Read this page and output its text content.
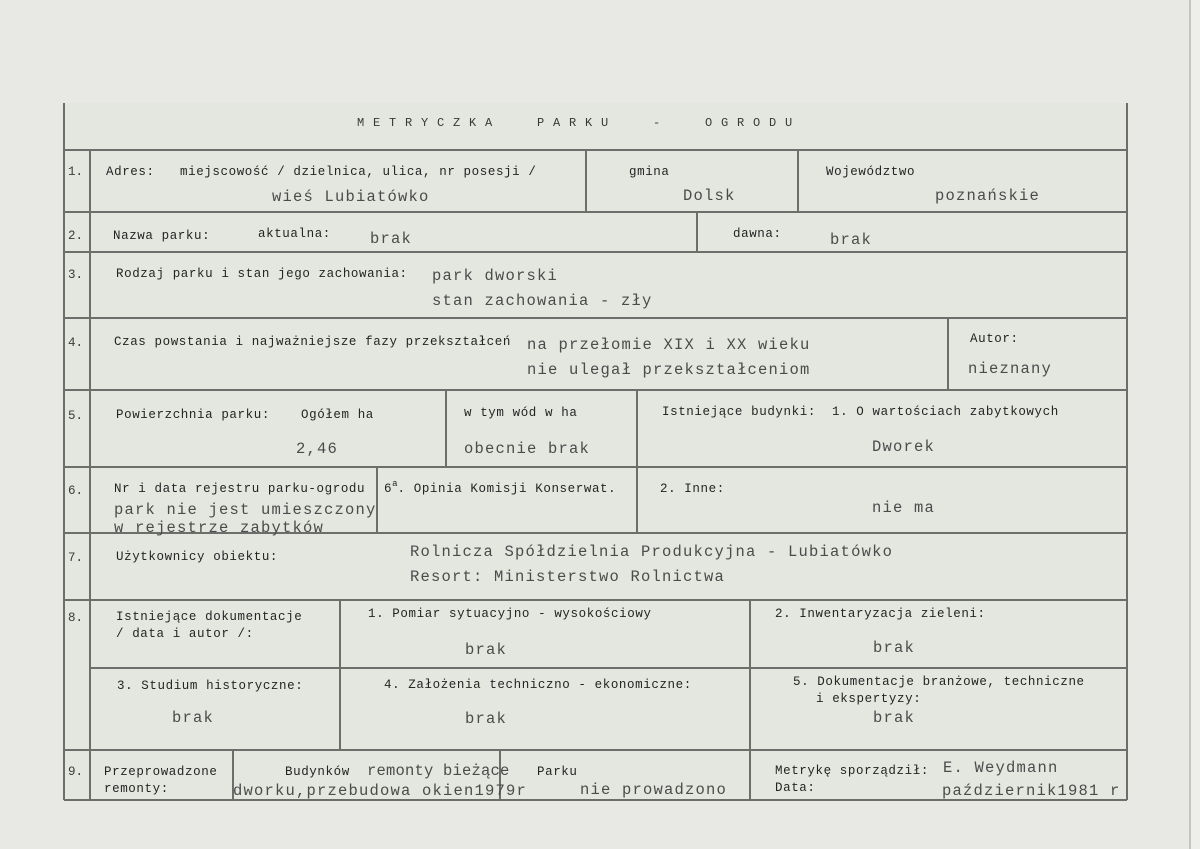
METRYCZKA PARKU - OGRODU
1. Adres: miejscowość / dzielnica, ulica, nr posesji /
wieś Lubiatówko
gmina
Dolsk
Województwo
poznańskie
2. Nazwa parku:	aktualna:	brak	dawna:	brak
3.	Rodzaj parku i stan jego zachowania: park dworski
stan zachowania - zły
4. Czas powstania i najważniejsze fazy przekształceń na przełomie XIX i XX wieku
nie ulegał przekształceniom
Autor:
nieznany
5.	Powierzchnia parku: Ogółem ha
2,46
w tym wód w ha
obecnie brak
Istniejące budynki: 1. O wartościach zabytkowych
Dworek
6. Nr i data rejestru parku-ogrodu
park nie jest umieszczony
w rejestrze zabytków
6$^a$. Opinia Komisji Konserwat.	2. Inne:
nie ma
7.	Użytkownicy obiektu:	Rolnicza Spółdzielnia Produkcyjna - Lubiatówko
Resort: Ministerstwo Rolnictwa
8.	Istniejące dokumentacje
/ data i autor /:
1. Pomiar sytuacyjno - wysokościowy
brak
2. Inwentaryzacja zieleni:
brak
3. Studium historyczne:
brak
4. Założenia techniczno - ekonomiczne:
brak
5. Dokumentacje branżowe, techniczne
i ekspertyzy:
brak
9. Przeprowadzone
remonty:
Budynków remonty bieżące
dworku,przebudowa okien1979r
Parku
nie prowadzono
Metrykę sporządził: E. Weydmann
Data:	październik1981 r
